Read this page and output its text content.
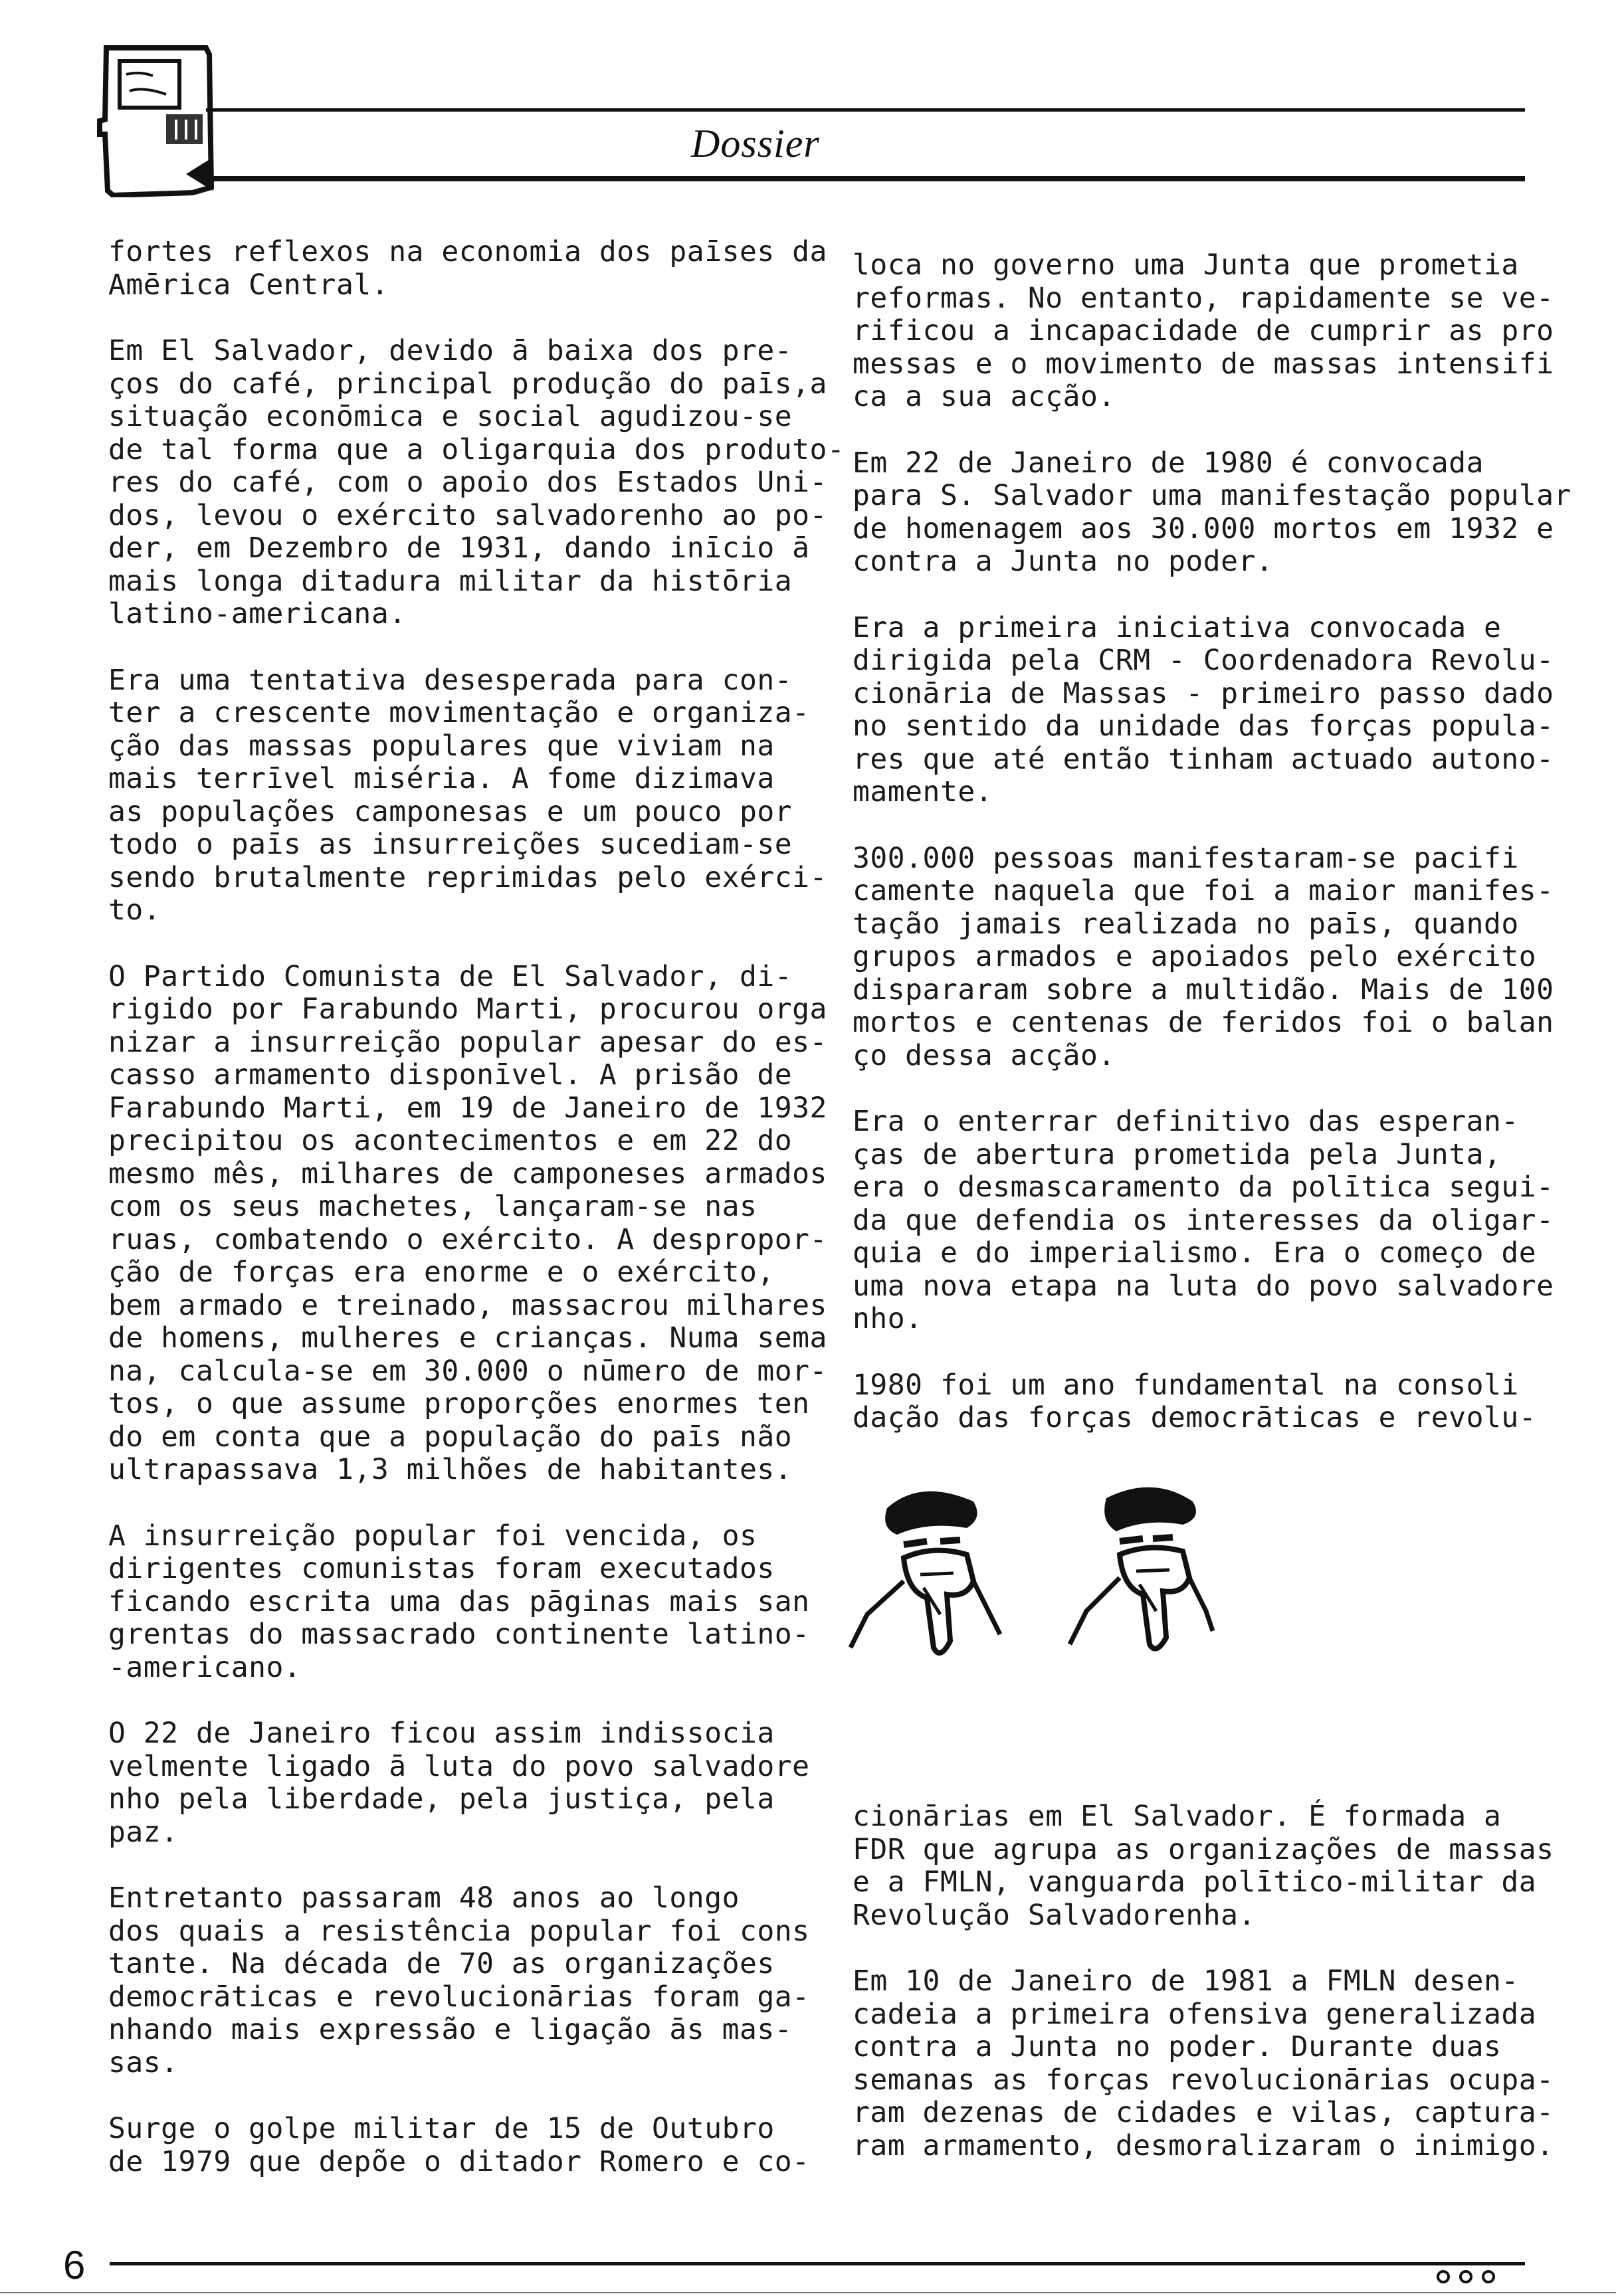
Dossier

fortes reflexos na economia dos paīses da
Amērica Central.

Em El Salvador, devido ā baixa dos pre-
ços do café, principal produção do paīs,a
situação econōmica e social agudizou-se
de tal forma que a oligarquia dos produto-
res do café, com o apoio dos Estados Uni-
dos, levou o exército salvadorenho ao po-
der, em Dezembro de 1931, dando inīcio ā
mais longa ditadura militar da histōria
latino-americana.

Era uma tentativa desesperada para con-
ter a crescente movimentação e organiza-
ção das massas populares que viviam na
mais terrīvel miséria. A fome dizimava
as populações camponesas e um pouco por
todo o paīs as insurreições sucediam-se
sendo brutalmente reprimidas pelo exérci-
to.

O Partido Comunista de El Salvador, di-
rigido por Farabundo Marti, procurou orga
nizar a insurreição popular apesar do es-
casso armamento disponīvel. A prisão de
Farabundo Marti, em 19 de Janeiro de 1932
precipitou os acontecimentos e em 22 do
mesmo mês, milhares de camponeses armados
com os seus machetes, lançaram-se nas
ruas, combatendo o exército. A despropor-
ção de forças era enorme e o exército,
bem armado e treinado, massacrou milhares
de homens, mulheres e crianças. Numa sema
na, calcula-se em 30.000 o nūmero de mor-
tos, o que assume proporções enormes ten
do em conta que a população do paīs não
ultrapassava 1,3 milhões de habitantes.

A insurreição popular foi vencida, os
dirigentes comunistas foram executados
ficando escrita uma das pāginas mais san
grentas do massacrado continente latino-
-americano.

O 22 de Janeiro ficou assim indissocia
velmente ligado ā luta do povo salvadore
nho pela liberdade, pela justiça, pela
paz.

Entretanto passaram 48 anos ao longo
dos quais a resistência popular foi cons
tante. Na década de 70 as organizações
democrāticas e revolucionārias foram ga-
nhando mais expressão e ligação ās mas-
sas.

Surge o golpe militar de 15 de Outubro
de 1979 que depõe o ditador Romero e co-

loca no governo uma Junta que prometia
reformas. No entanto, rapidamente se ve-
rificou a incapacidade de cumprir as pro
messas e o movimento de massas intensifi
ca a sua acção.

Em 22 de Janeiro de 1980 é convocada
para S. Salvador uma manifestação popular
de homenagem aos 30.000 mortos em 1932 e
contra a Junta no poder.

Era a primeira iniciativa convocada e
dirigida pela CRM - Coordenadora Revolu-
cionāria de Massas - primeiro passo dado
no sentido da unidade das forças popula-
res que até então tinham actuado autono-
mamente.

300.000 pessoas manifestaram-se pacifi
camente naquela que foi a maior manifes-
tação jamais realizada no paīs, quando
grupos armados e apoiados pelo exército
dispararam sobre a multidão. Mais de 100
mortos e centenas de feridos foi o balan
ço dessa acção.

Era o enterrar definitivo das esperan-
ças de abertura prometida pela Junta,
era o desmascaramento da polītica segui-
da que defendia os interesses da oligar-
quia e do imperialismo. Era o começo de
uma nova etapa na luta do povo salvadore
nho.

1980 foi um ano fundamental na consoli
dação das forças democrāticas e revolu-

cionārias em El Salvador. É formada a
FDR que agrupa as organizações de massas
e a FMLN, vanguarda polītico-militar da
Revolução Salvadorenha.

Em 10 de Janeiro de 1981 a FMLN desen-
cadeia a primeira ofensiva generalizada
contra a Junta no poder. Durante duas
semanas as forças revolucionārias ocupa-
ram dezenas de cidades e vilas, captura-
ram armamento, desmoralizaram o inimigo.

6
